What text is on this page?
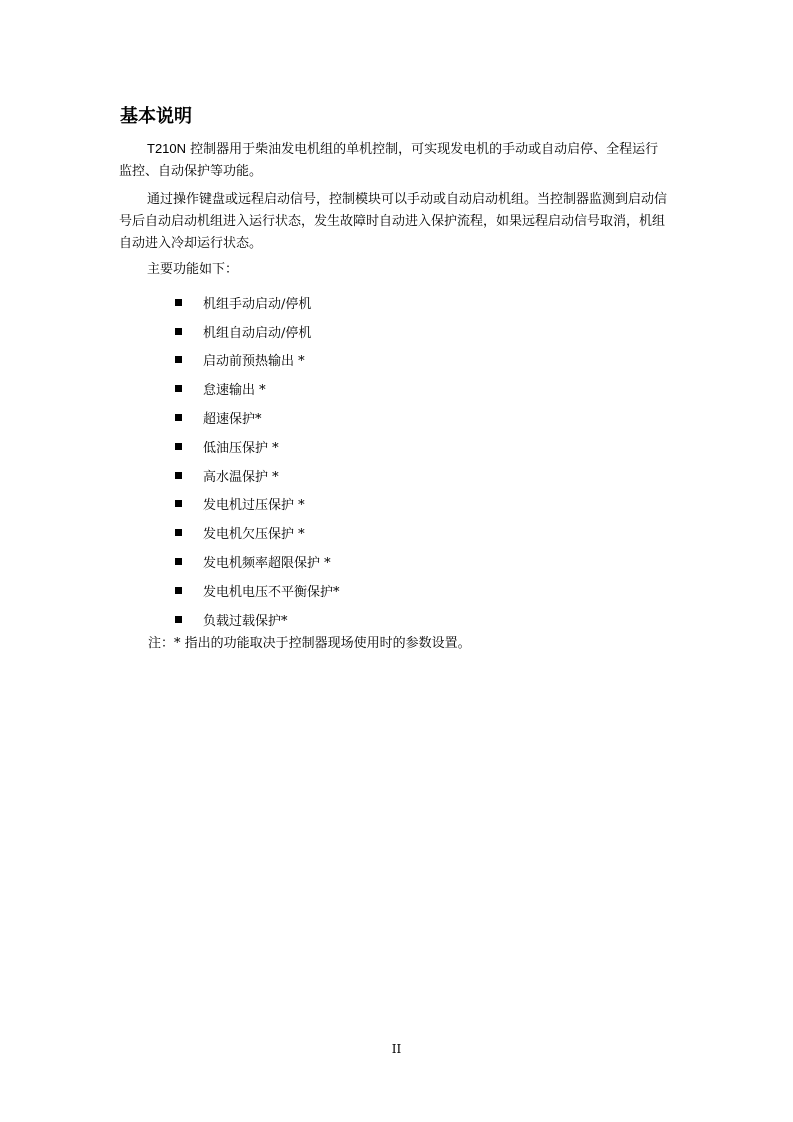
基本说明
T210N 控制器用于柴油发电机组的单机控制，可实现发电机的手动或自动启停、全程运行监控、自动保护等功能。
通过操作键盘或远程启动信号，控制模块可以手动或自动启动机组。当控制器监测到启动信号后自动启动机组进入运行状态，发生故障时自动进入保护流程，如果远程启动信号取消，机组自动进入冷却运行状态。
主要功能如下：
机组手动启动/停机
机组自动启动/停机
启动前预热输出 *
怠速输出 *
超速保护*
低油压保护 *
高水温保护 *
发电机过压保护 *
发电机欠压保护 *
发电机频率超限保护 *
发电机电压不平衡保护*
负载过载保护*
注：* 指出的功能取决于控制器现场使用时的参数设置。
II
